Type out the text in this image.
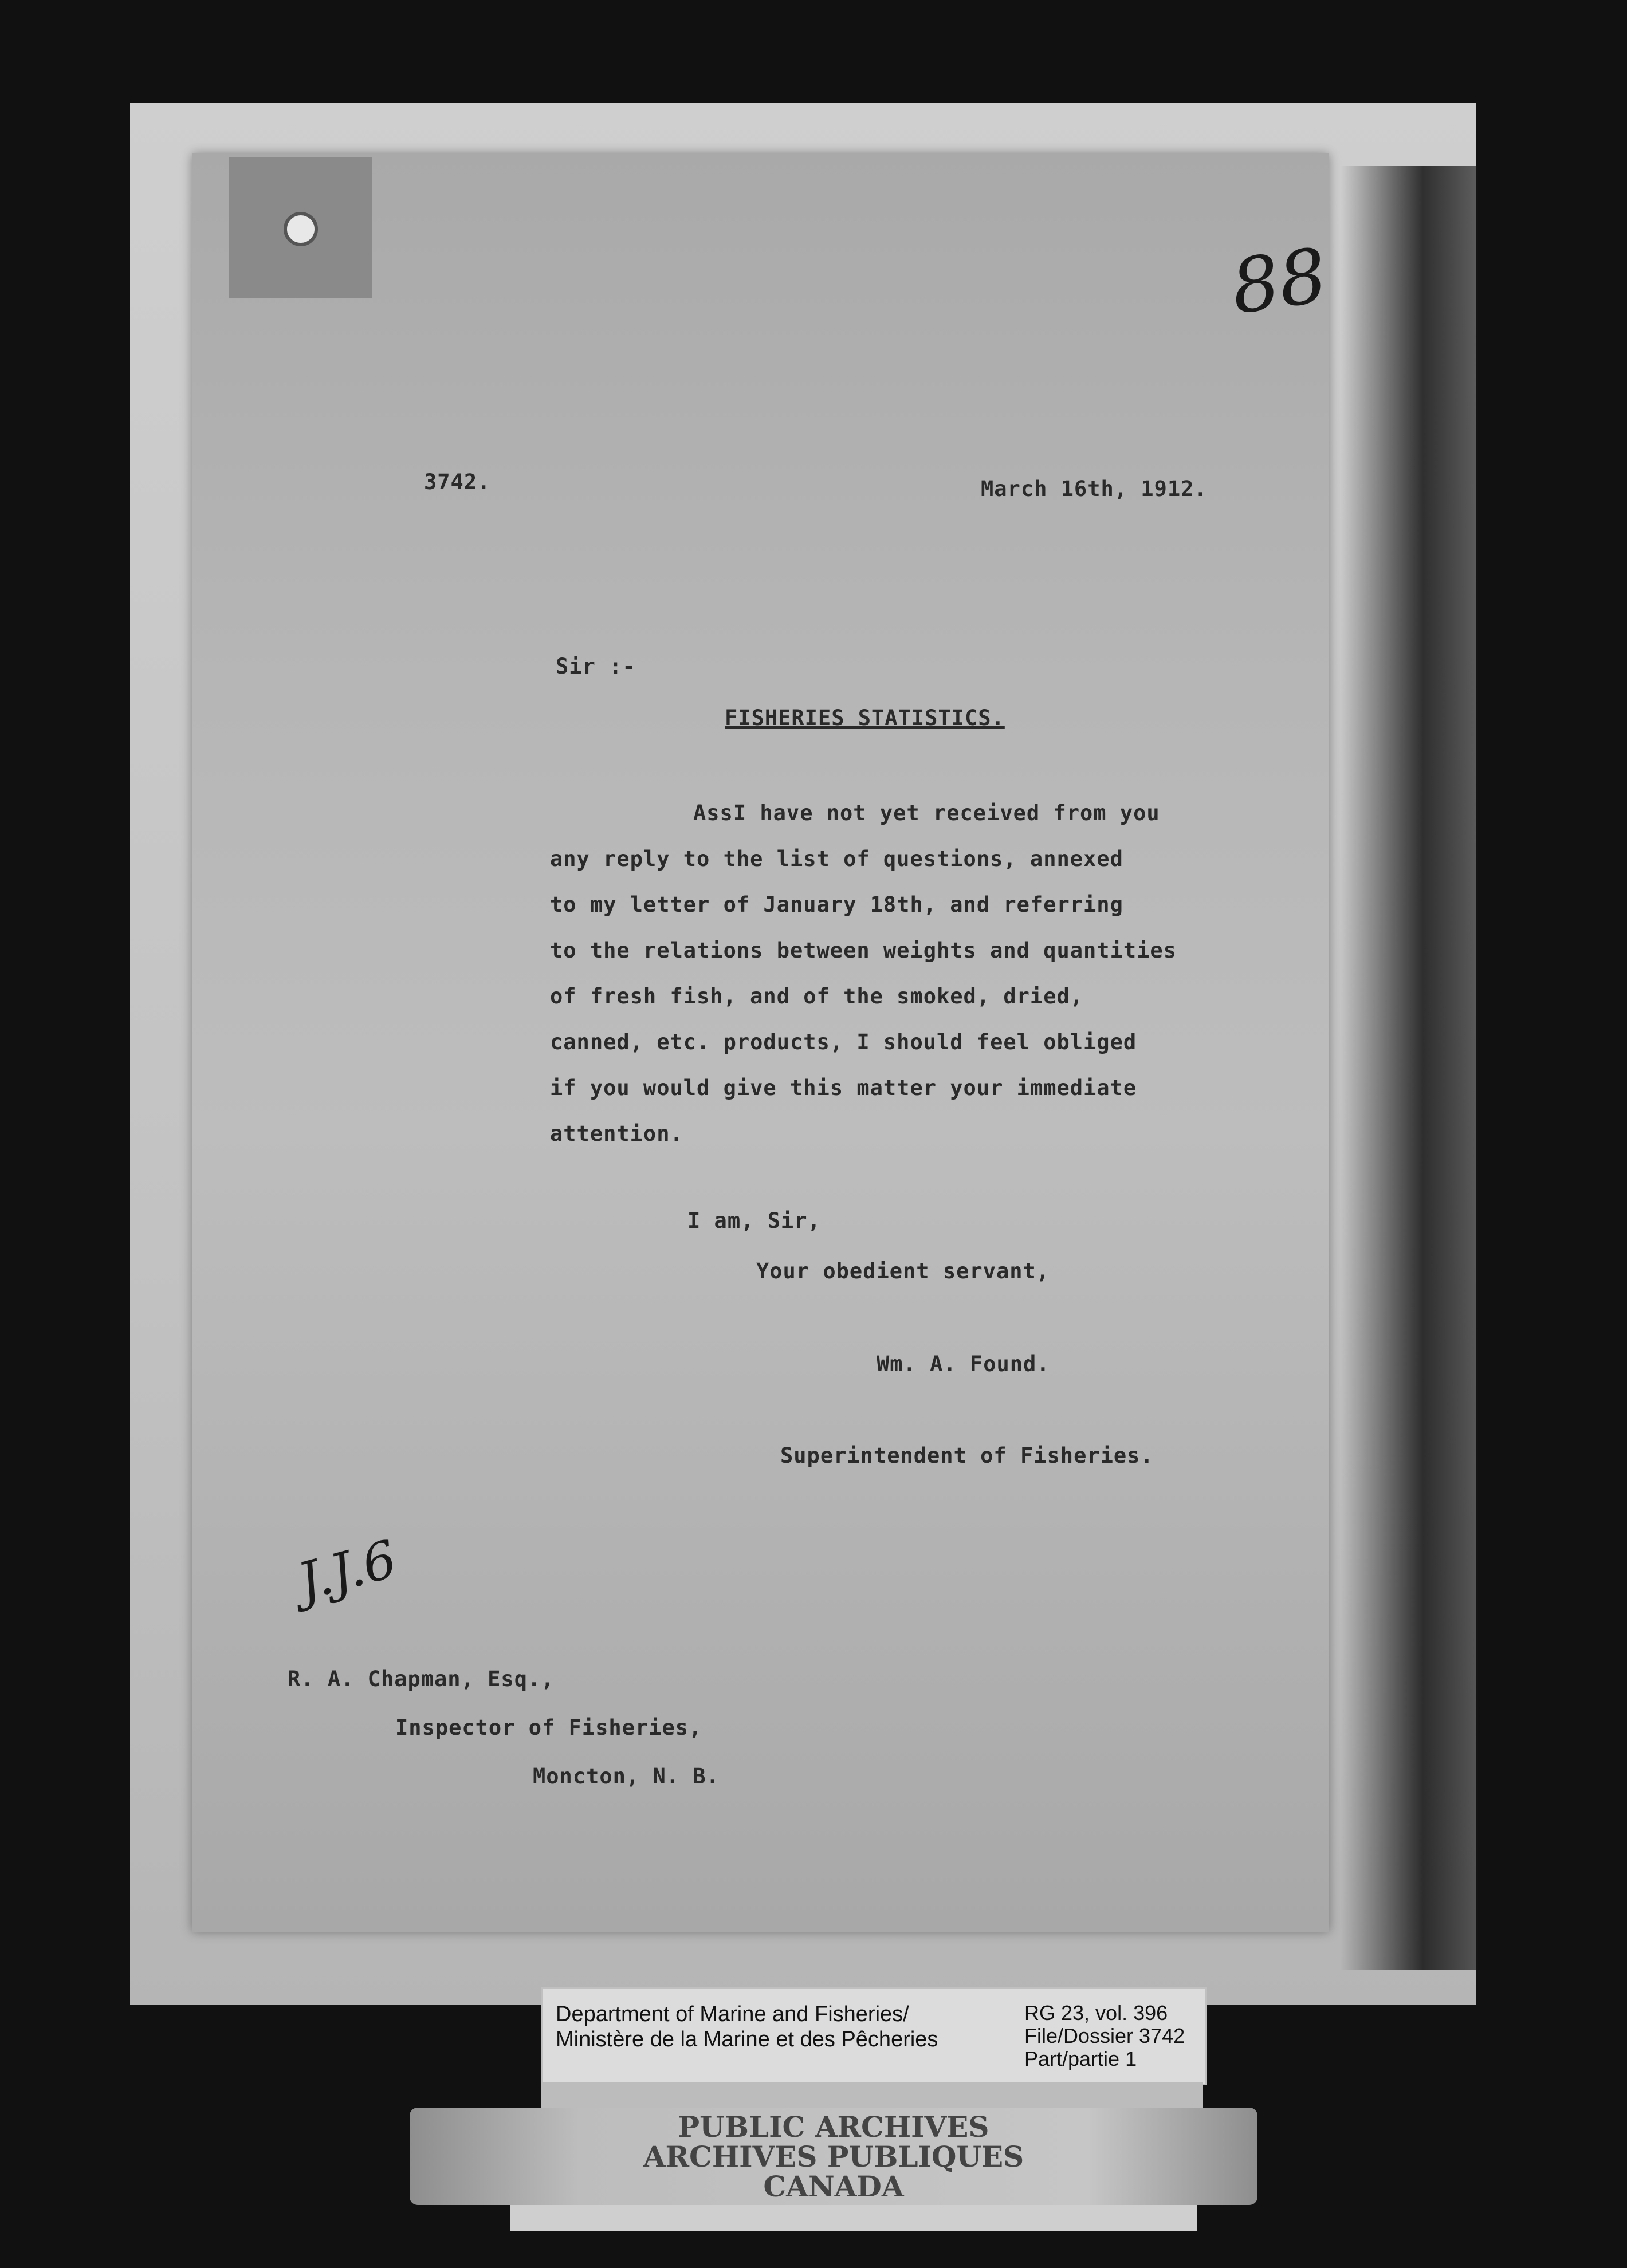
88
3742.	March 16th, 1912.
Sir :-
FISHERIES STATISTICS.
AssI have not yet received from you
any reply to the list of questions, annexed
to my letter of January 18th, and referring
to the relations between weights and quantities
of fresh fish, and of the smoked, dried,
canned, etc. products, I should feel obliged
if you would give this matter your immediate
attention.
I am, Sir,
Your obedient servant,
Wm. A. Found.
Superintendent of Fisheries.
J.J.6
R. A. Chapman, Esq.,
Inspector of Fisheries,
Moncton, N. B.
Department of Marine and Fisheries/
Ministère de la Marine et des Pêcheries
RG 23, vol. 396
File/Dossier 3742
Part/partie 1
PUBLIC ARCHIVES
ARCHIVES PUBLIQUES
CANADA
